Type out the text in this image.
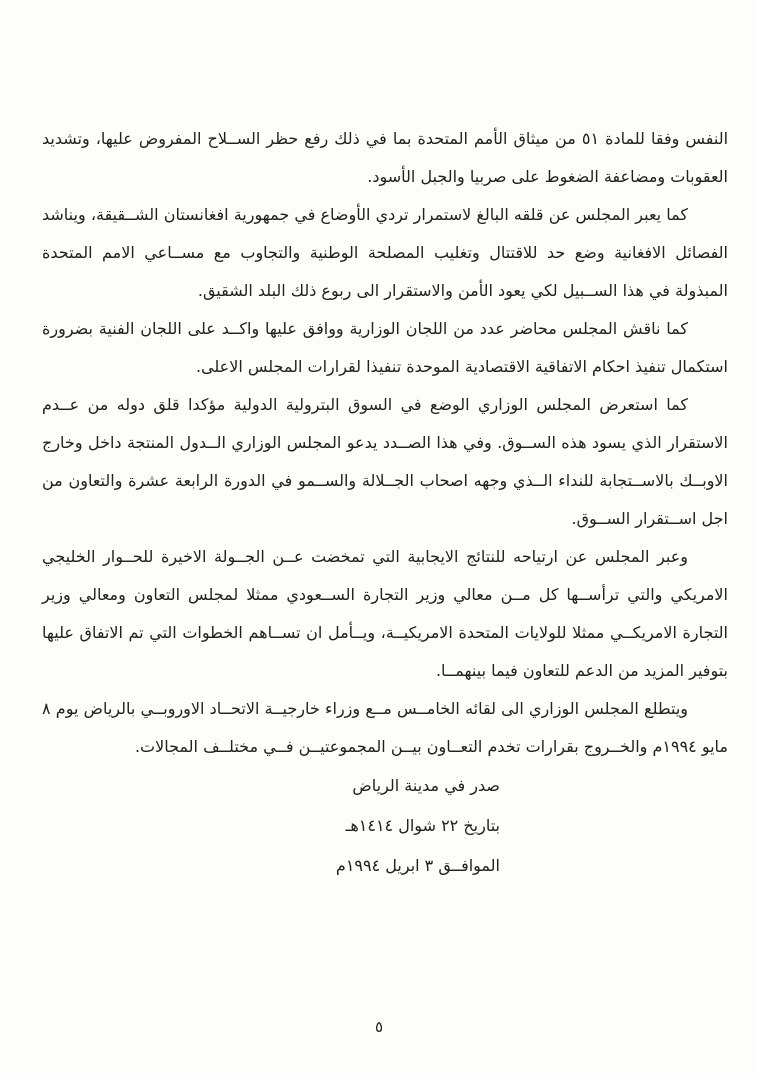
النفس وفقا للمادة ٥١ من ميثاق الأمم المتحدة بما في ذلك رفع حظر الســلاح المفروض عليها، وتشديد العقوبات ومضاعفة الضغوط على صربيا والجبل الأسود.

كما يعبر المجلس عن قلقه البالغ لاستمرار تردي الأوضاع في جمهورية افغانستان الشــقيقة، ويناشد الفصائل الافغانية وضع حد للاقتتال وتغليب المصلحة الوطنية والتجاوب مع مســاعي الامم المتحدة المبذولة في هذا الســبيل لكي يعود الأمن والاستقرار الى ربوع ذلك البلد الشقيق.

كما ناقش المجلس محاضر عدد من اللجان الوزارية ووافق عليها واكــد على اللجان الفنية بضرورة استكمال تنفيذ احكام الاتفاقية الاقتصادية الموحدة تنفيذا لقرارات المجلس الاعلى.

كما استعرض المجلس الوزاري الوضع في السوق البترولية الدولية مؤكدا قلق دوله من عــدم الاستقرار الذي يسود هذه الســوق. وفي هذا الصــدد يدعو المجلس الوزاري الــدول المنتجة داخل وخارج الاوبــك بالاســتجابة للنداء الــذي وجهه اصحاب الجــلالة والســمو في الدورة الرابعة عشرة والتعاون من اجل اســتقرار الســوق.

وعبر المجلس عن ارتياحه للنتائج الايجابية التي تمخضت عــن الجــولة الاخيرة للحــوار الخليجي الامريكي والتي ترأســها كل مــن معالي وزير التجارة الســعودي ممثلا لمجلس التعاون ومعالي وزير التجارة الامريكــي ممثلا للولايات المتحدة الامريكيــة، ويــأمل ان تســاهم الخطوات التي تم الاتفاق عليها بتوفير المزيد من الدعم للتعاون فيما بينهمــا.

ويتطلع المجلس الوزاري الى لقائه الخامــس مــع وزراء خارجيــة الاتحــاد الاوروبــي بالرياض يوم ٨ مايو ١٩٩٤م والخــروج بقرارات تخدم التعــاون بيــن المجموعتيــن فــي مختلــف المجالات.

صدر في مدينة الرياض
بتاريخ ٢٢ شوال ١٤١٤هـ
الموافــق ٣ ابريل ١٩٩٤م
٥
